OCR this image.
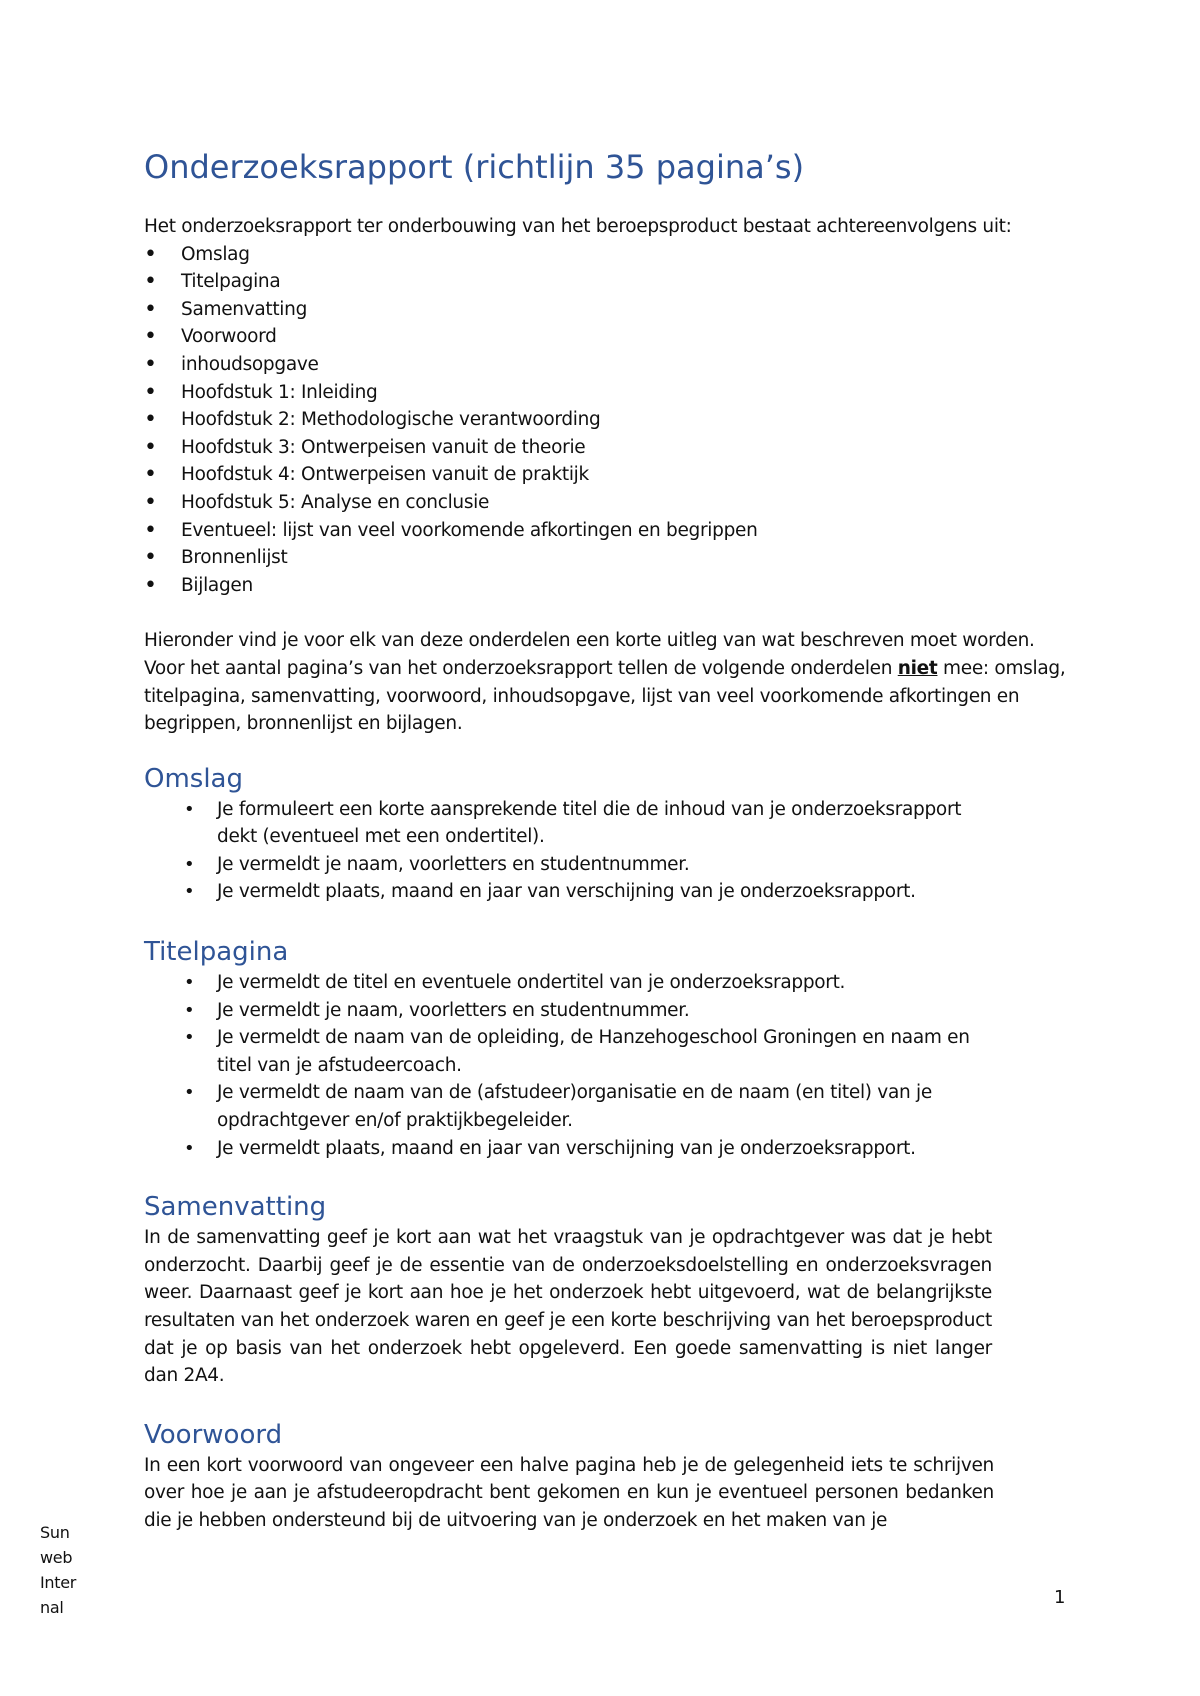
Onderzoeksrapport (richtlijn 35 pagina’s)

Het onderzoeksrapport ter onderbouwing van het beroepsproduct bestaat achtereenvolgens uit:

• Omslag
• Titelpagina
• Samenvatting
• Voorwoord
• inhoudsopgave
• Hoofdstuk 1: Inleiding
• Hoofdstuk 2: Methodologische verantwoording
• Hoofdstuk 3: Ontwerpeisen vanuit de theorie
• Hoofdstuk 4: Ontwerpeisen vanuit de praktijk
• Hoofdstuk 5: Analyse en conclusie
• Eventueel: lijst van veel voorkomende afkortingen en begrippen
• Bronnenlijst
• Bijlagen

Hieronder vind je voor elk van deze onderdelen een korte uitleg van wat beschreven moet worden. Voor het aantal pagina’s van het onderzoeksrapport tellen de volgende onderdelen niet mee: omslag, titelpagina, samenvatting, voorwoord, inhoudsopgave, lijst van veel voorkomende afkortingen en begrippen, bronnenlijst en bijlagen.

Omslag
• Je formuleert een korte aansprekende titel die de inhoud van je onderzoeksrapport dekt (eventueel met een ondertitel).
• Je vermeldt je naam, voorletters en studentnummer.
• Je vermeldt plaats, maand en jaar van verschijning van je onderzoeksrapport.
Titelpagina
• Je vermeldt de titel en eventuele ondertitel van je onderzoeksrapport.
• Je vermeldt je naam, voorletters en studentnummer.
• Je vermeldt de naam van de opleiding, de Hanzehogeschool Groningen en naam en titel van je afstudeercoach.
• Je vermeldt de naam van de (afstudeer)organisatie en de naam (en titel) van je opdrachtgever en/of praktijkbegeleider.
• Je vermeldt plaats, maand en jaar van verschijning van je onderzoeksrapport.
Samenvatting

In de samenvatting geef je kort aan wat het vraagstuk van je opdrachtgever was dat je hebt onderzocht. Daarbij geef je de essentie van de onderzoeksdoelstelling en onderzoeksvragen weer. Daarnaast geef je kort aan hoe je het onderzoek hebt uitgevoerd, wat de belangrijkste resultaten van het onderzoek waren en geef je een korte beschrijving van het beroepsproduct dat je op basis van het onderzoek hebt opgeleverd. Een goede samenvatting is niet langer dan 2A4.

Voorwoord

In een kort voorwoord van ongeveer een halve pagina heb je de gelegenheid iets te schrijven over hoe je aan je afstudeeropdracht bent gekomen en kun je eventueel personen bedanken die je hebben ondersteund bij de uitvoering van je onderzoek en het maken van je

Sunweb Internal	1
